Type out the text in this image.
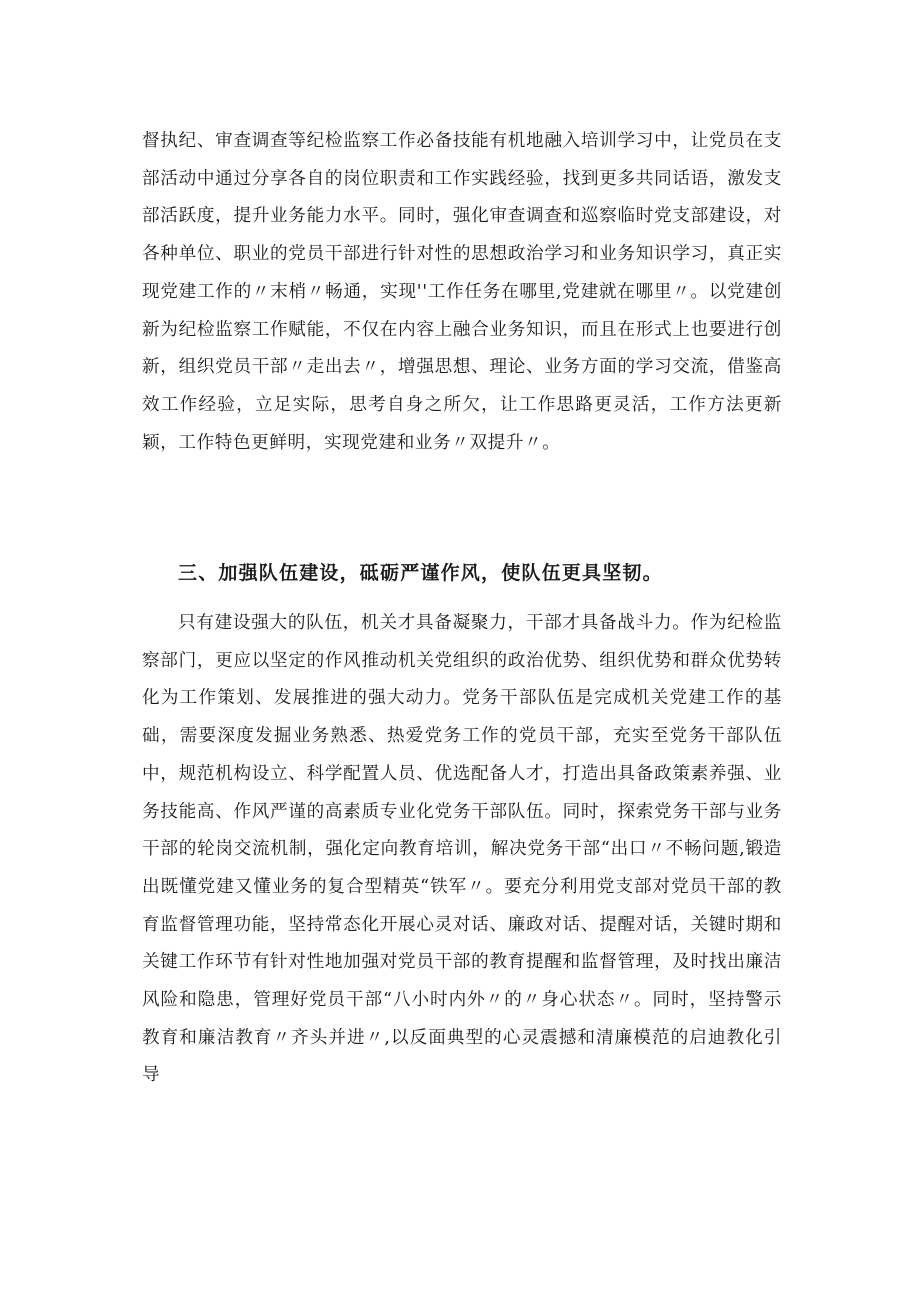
督执纪、审查调查等纪检监察工作必备技能有机地融入培训学习中，让党员在支部活动中通过分享各自的岗位职责和工作实践经验，找到更多共同话语，激发支部活跃度，提升业务能力水平。同时，强化审查调查和巡察临时党支部建设，对各种单位、职业的党员干部进行针对性的思想政治学习和业务知识学习，真正实现党建工作的〃末梢〃畅通，实现''工作任务在哪里,党建就在哪里〃。以党建创新为纪检监察工作赋能，不仅在内容上融合业务知识，而且在形式上也要进行创新，组织党员干部〃走出去〃，增强思想、理论、业务方面的学习交流，借鉴高效工作经验，立足实际，思考自身之所欠，让工作思路更灵活，工作方法更新颖，工作特色更鲜明，实现党建和业务〃双提升〃。

三、加强队伍建设，砥砺严谨作风，使队伍更具坚韧。

只有建设强大的队伍，机关才具备凝聚力，干部才具备战斗力。作为纪检监察部门，更应以坚定的作风推动机关党组织的政治优势、组织优势和群众优势转化为工作策划、发展推进的强大动力。党务干部队伍是完成机关党建工作的基础，需要深度发掘业务熟悉、热爱党务工作的党员干部，充实至党务干部队伍中，规范机构设立、科学配置人员、优选配备人才，打造出具备政策素养强、业务技能高、作风严谨的高素质专业化党务干部队伍。同时，探索党务干部与业务干部的轮岗交流机制，强化定向教育培训，解决党务干部“出口〃不畅问题,锻造出既懂党建又懂业务的复合型精英“铁军〃。要充分利用党支部对党员干部的教育监督管理功能，坚持常态化开展心灵对话、廉政对话、提醒对话，关键时期和关键工作环节有针对性地加强对党员干部的教育提醒和监督管理，及时找出廉洁风险和隐患，管理好党员干部“八小时内外〃的〃身心状态〃。同时，坚持警示教育和廉洁教育〃齐头并进〃,以反面典型的心灵震撼和清廉模范的启迪教化引导
